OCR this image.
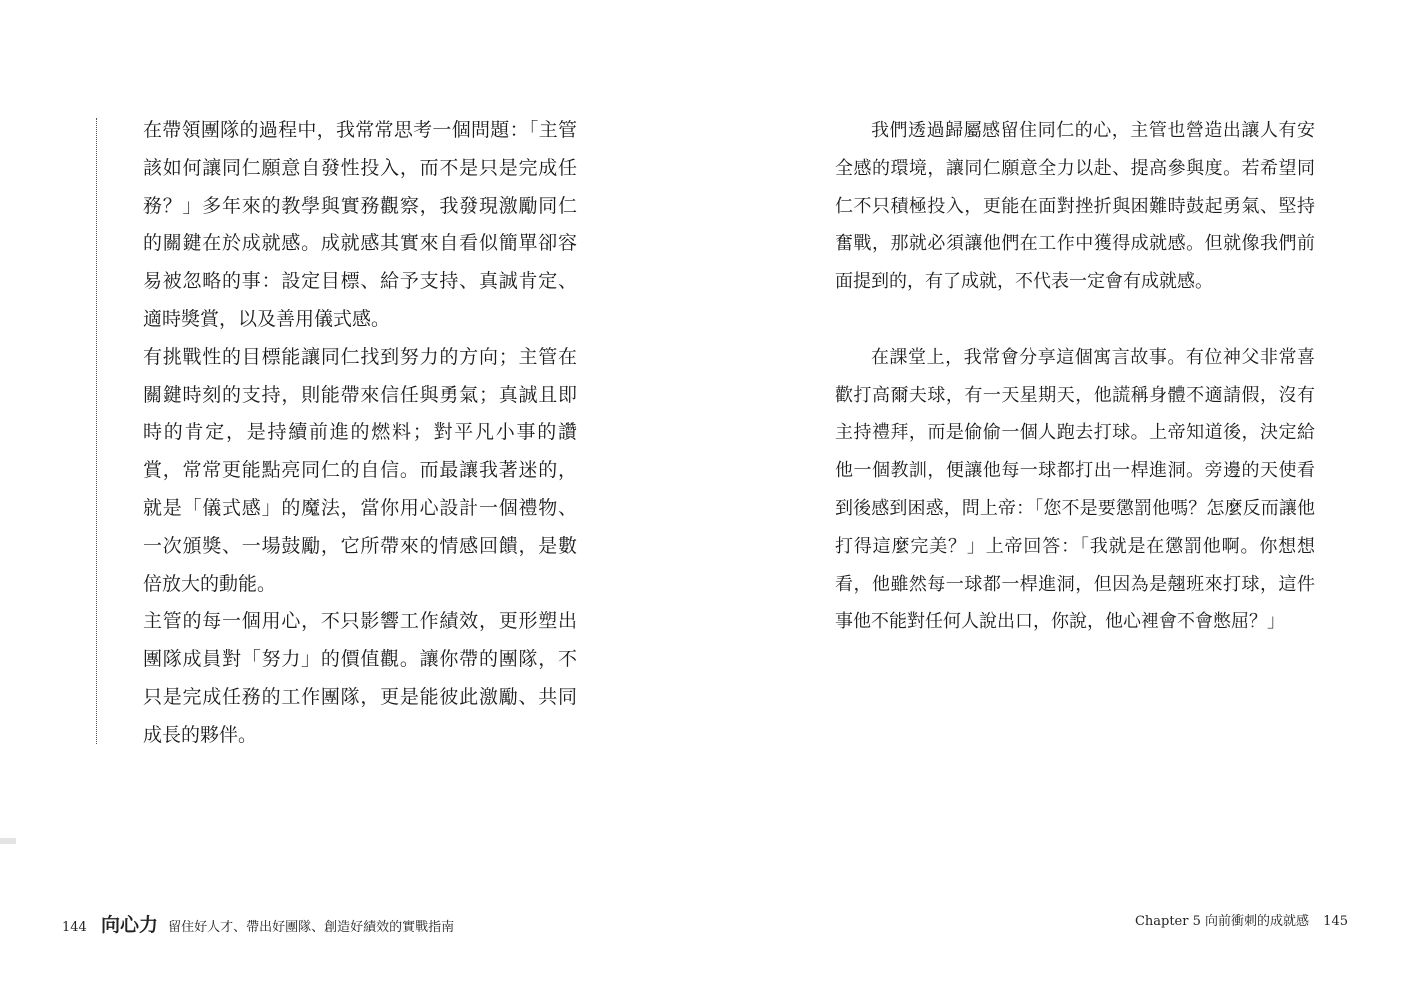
在帶領團隊的過程中，我常常思考一個問題：「主管該如何讓同仁願意自發性投入，而不是只是完成任務？」多年來的教學與實務觀察，我發現激勵同仁的關鍵在於成就感。成就感其實來自看似簡單卻容易被忽略的事：設定目標、給予支持、真誠肯定、適時獎賞，以及善用儀式感。

有挑戰性的目標能讓同仁找到努力的方向；主管在關鍵時刻的支持，則能帶來信任與勇氣；真誠且即時的肯定，是持續前進的燃料；對平凡小事的讚賞，常常更能點亮同仁的自信。而最讓我著迷的，就是「儀式感」的魔法，當你用心設計一個禮物、一次頒獎、一場鼓勵，它所帶來的情感回饋，是數倍放大的動能。

主管的每一個用心，不只影響工作績效，更形塑出團隊成員對「努力」的價值觀。讓你帶的團隊，不只是完成任務的工作團隊，更是能彼此激勵、共同成長的夥伴。

144 向心力 留住好人才、帶出好團隊、創造好績效的實戰指南

我們透過歸屬感留住同仁的心，主管也營造出讓人有安全感的環境，讓同仁願意全力以赴、提高參與度。若希望同仁不只積極投入，更能在面對挫折與困難時鼓起勇氣、堅持奮戰，那就必須讓他們在工作中獲得成就感。但就像我們前面提到的，有了成就，不代表一定會有成就感。

在課堂上，我常會分享這個寓言故事。有位神父非常喜歡打高爾夫球，有一天星期天，他謊稱身體不適請假，沒有主持禮拜，而是偷偷一個人跑去打球。上帝知道後，決定給他一個教訓，便讓他每一球都打出一桿進洞。旁邊的天使看到後感到困惑，問上帝：「您不是要懲罰他嗎？怎麼反而讓他打得這麼完美？」上帝回答：「我就是在懲罰他啊。你想想看，他雖然每一球都一桿進洞，但因為是翹班來打球，這件事他不能對任何人說出口，你說，他心裡會不會憋屈？」

Chapter 5 向前衝刺的成就感 145
